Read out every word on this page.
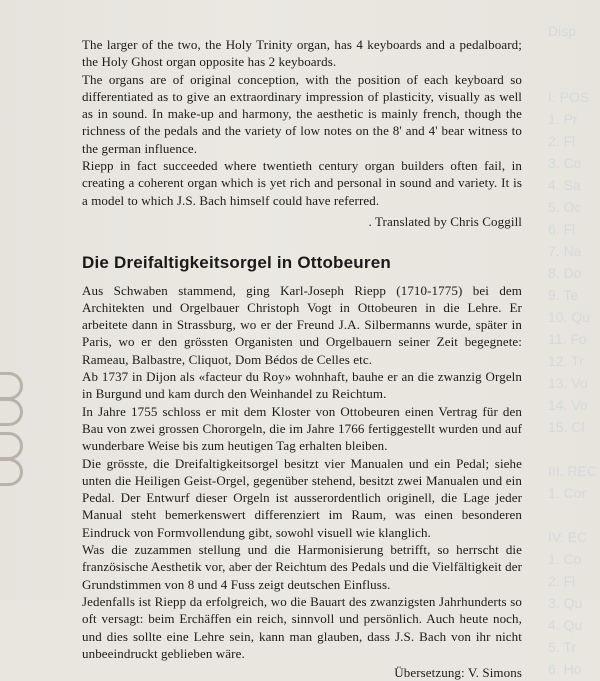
Disp

I. POS
1. Pr
2. Fl
3. Co
4. Sa
5. Oc
6. Fl
7. Na
8. Do
9. Te
10. Qu
11. Fo
12. Tr
13. Vo
14. Vo
15. Cl

III. REC
1. Cor

IV. EC
1. Co
2. Fl
3. Qu
4. Qu
5. Tr
6. Ho

The larger of the two, the Holy Trinity organ, has 4 keyboards and a pedalboard; the Holy Ghost organ opposite has 2 keyboards.

The organs are of original conception, with the position of each keyboard so differentiated as to give an extraordinary impression of plasticity, visually as well as in sound. In make-up and harmony, the aesthetic is mainly french, though the richness of the pedals and the variety of low notes on the 8' and 4' bear witness to the german influence.

Riepp in fact succeeded where twentieth century organ builders often fail, in creating a coherent organ which is yet rich and personal in sound and variety. It is a model to which J.S. Bach himself could have referred.

. Translated by Chris Coggill

Die Dreifaltigkeitsorgel in Ottobeuren

Aus Schwaben stammend, ging Karl-Joseph Riepp (1710-1775) bei dem Architekten und Orgelbauer Christoph Vogt in Ottobeuren in die Lehre. Er arbeitete dann in Strassburg, wo er der Freund J.A. Silbermanns wurde, später in Paris, wo er den grössten Organisten und Orgelbauern seiner Zeit begegnete: Rameau, Balbastre, Cliquot, Dom Bédos de Celles etc.

Ab 1737 in Dijon als «facteur du Roy» wohnhaft, bauhe er an die zwanzig Orgeln in Burgund und kam durch den Weinhandel zu Reichtum.

In Jahre 1755 schloss er mit dem Kloster von Ottobeuren einen Vertrag für den Bau von zwei grossen Chororgeln, die im Jahre 1766 fertiggestellt wurden und auf wunderbare Weise bis zum heutigen Tag erhalten bleiben.

Die grösste, die Dreifaltigkeitsorgel besitzt vier Manualen und ein Pedal; siehe unten die Heiligen Geist-Orgel, gegenüber stehend, besitzt zwei Manualen und ein Pedal. Der Entwurf dieser Orgeln ist ausserordentlich originell, die Lage jeder Manual steht bemerkenswert differenziert im Raum, was einen besonderen Eindruck von Formvollendung gibt, sowohl visuell wie klanglich.

Was die zuzammen stellung und die Harmonisierung betrifft, so herrscht die französische Aesthetik vor, aber der Reichtum des Pedals und die Vielfältigkeit der Grundstimmen von 8 und 4 Fuss zeigt deutschen Einfluss.

Jedenfalls ist Riepp da erfolgreich, wo die Bauart des zwanzigsten Jahrhunderts so oft versagt: beim Erchäffen ein reich, sinnvoll und persönlich. Auch heute noch, und dies sollte eine Lehre sein, kann man glauben, dass J.S. Bach von ihr nicht unbeeindruckt geblieben wäre.

Übersetzung: V. Simons
